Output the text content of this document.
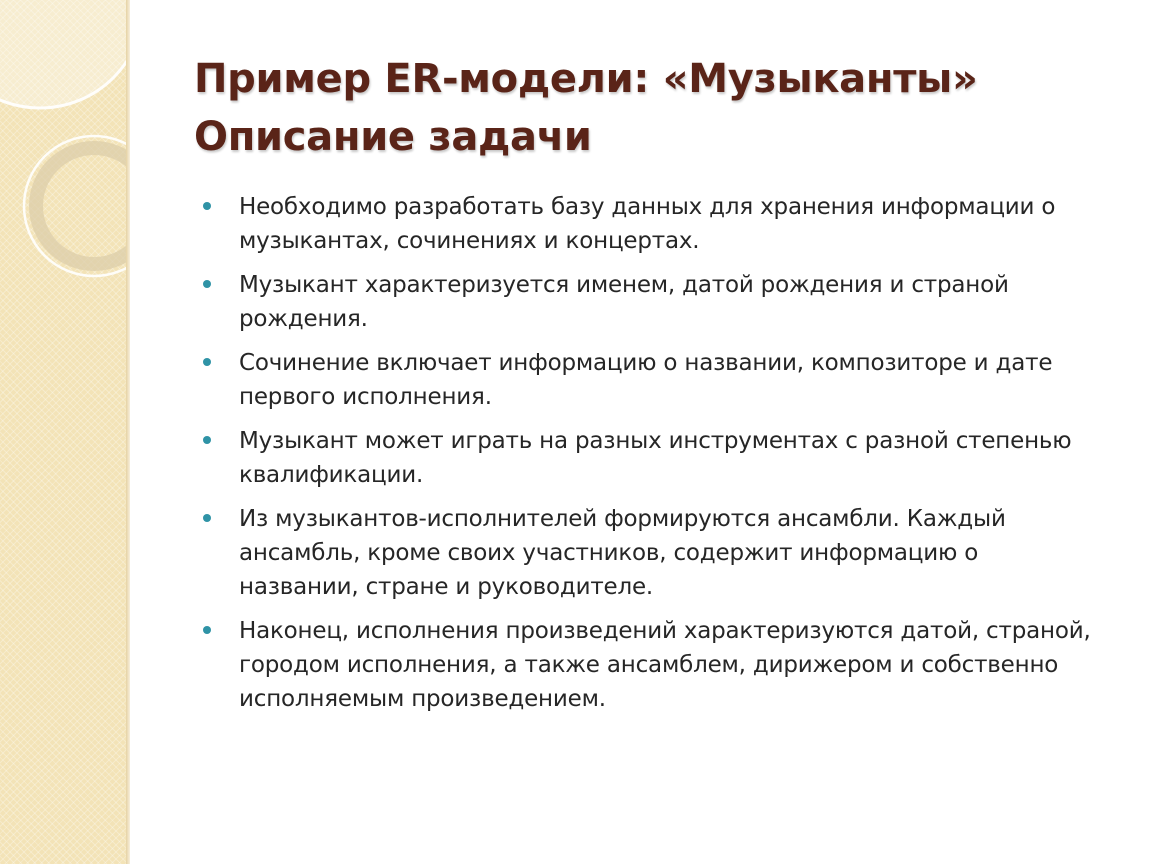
Пример ER-модели: «Музыканты»
Описание задачи
Необходимо разработать базу данных для хранения информации о музыкантах, сочинениях и концертах.
Музыкант характеризуется именем, датой рождения и страной рождения.
Сочинение включает информацию о названии, композиторе и дате первого исполнения.
Музыкант может играть на разных инструментах с разной степенью квалификации.
Из музыкантов-исполнителей формируются ансамбли. Каждый ансамбль, кроме своих участников, содержит информацию о названии, стране и руководителе.
Наконец, исполнения произведений характеризуются датой, страной, городом исполнения, а также ансамблем, дирижером и собственно исполняемым произведением.
